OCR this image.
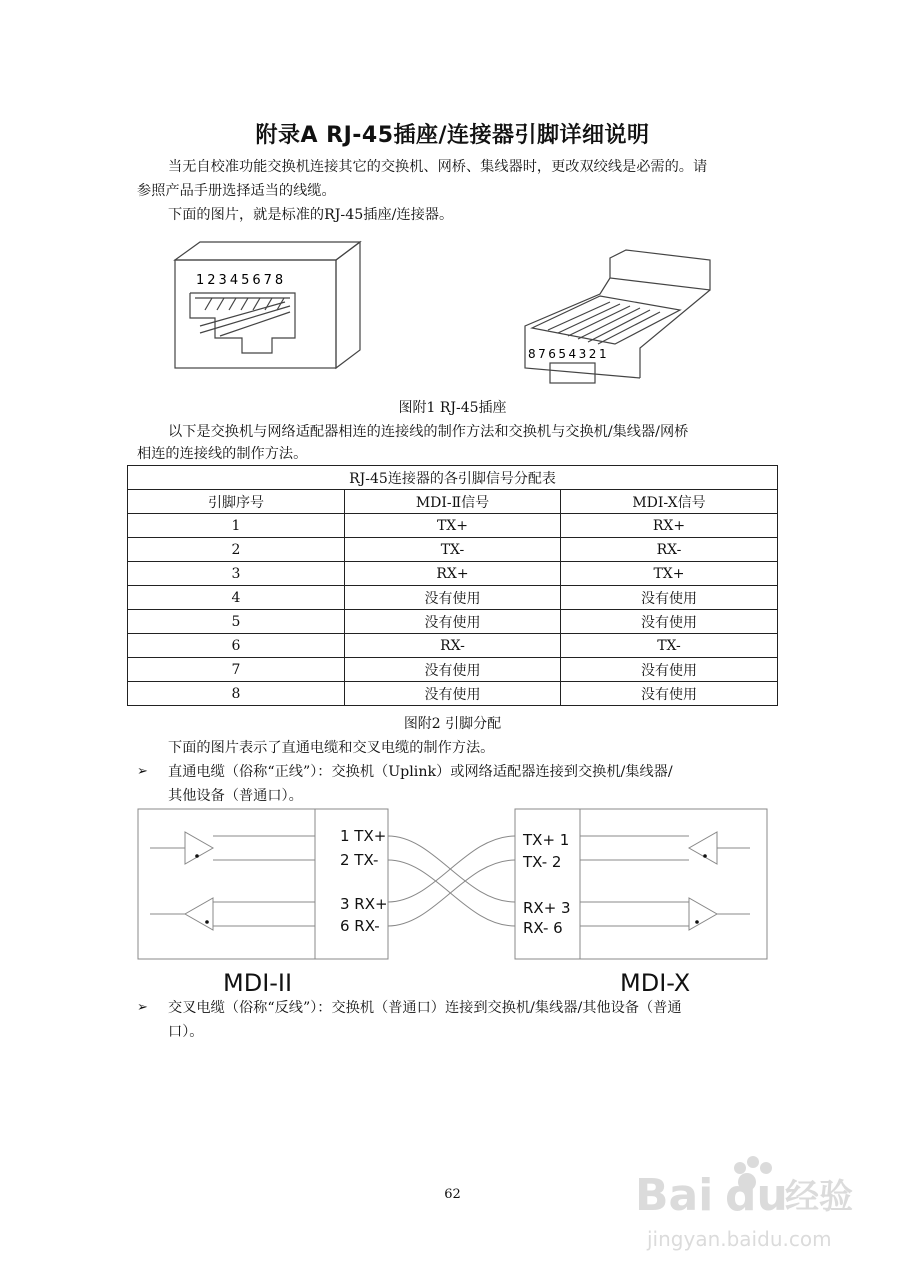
附录A RJ-45插座/连接器引脚详细说明
当无自校准功能交换机连接其它的交换机、网桥、集线器时，更改双绞线是必需的。请
参照产品手册选择适当的线缆。
下面的图片，就是标准的RJ-45插座/连接器。
12345678
87654321
图附1 RJ-45插座
以下是交换机与网络适配器相连的连接线的制作方法和交换机与交换机/集线器/网桥
相连的连接线的制作方法。
RJ-45连接器的各引脚信号分配表		
引脚序号	MDI-Ⅱ信号	MDI-X信号
1	TX+	RX+
2	TX-	RX-
3	RX+	TX+
4	没有使用	没有使用
5	没有使用	没有使用
6	RX-	TX-
7	没有使用	没有使用
8	没有使用	没有使用
图附2 引脚分配
下面的图片表示了直通电缆和交叉电缆的制作方法。
➢ 直通电缆（俗称“正线”）：交换机（Uplink）或网络适配器连接到交换机/集线器/
其他设备（普通口）。
1 TX+
2 TX-
3 RX+
6 RX-
TX+ 1
TX- 2
RX+ 3
RX- 6
MDI-II	MDI-X
➢ 交叉电缆（俗称“反线”）：交换机（普通口）连接到交换机/集线器/其他设备（普通
口）。
62	Bai du
经验
jingyan.baidu.com
